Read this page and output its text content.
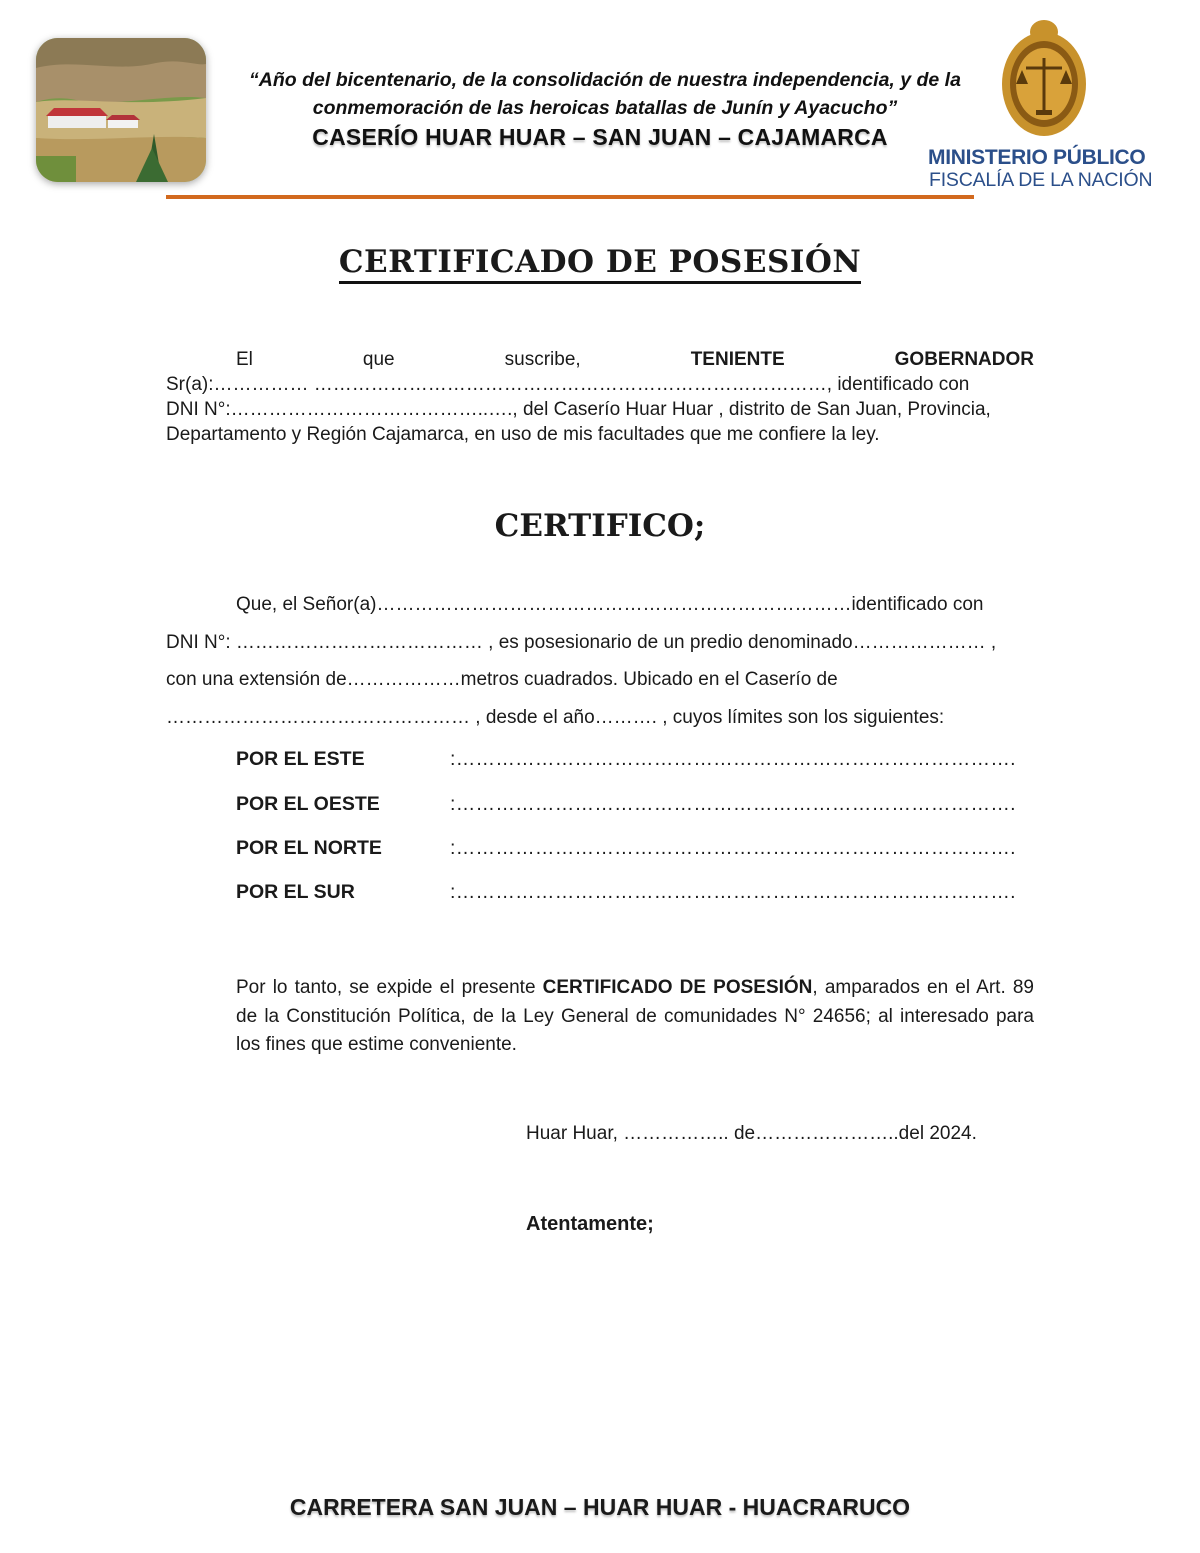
“Año del bicentenario, de la consolidación de nuestra independencia, y de la
conmemoración de las heroicas batallas de Junín y Ayacucho”
CASERÍO HUAR HUAR – SAN JUAN – CAJAMARCA
MINISTERIO PÚBLICO
FISCALÍA DE LA NACIÓN
CERTIFICADO DE POSESIÓN
El	que	suscribe,	TENIENTE	GOBERNADOR
Sr(a):…………… ………………………………………………………………………, identificado con
DNI N°:…………………………………..…., del Caserío Huar Huar , distrito de San Juan, Provincia,
Departamento y Región Cajamarca, en uso de mis facultades que me confiere la ley.
CERTIFICO;
Que, el Señor(a)…………………………………………………………………identificado con
DNI N°: ………………………………… , es posesionario de un predio denominado………………… ,
con una extensión de………………metros cuadrados. Ubicado en el Caserío de
………………………………………… , desde el año………. , cuyos límites son los siguientes:
POR EL ESTE	:………………………………………………………………………….
POR EL OESTE	:………………………………………………………………………….
POR EL NORTE	:………………………………………………………………………….
POR EL SUR	:………………………………………………………………………….
Por lo tanto, se expide el presente CERTIFICADO DE POSESIÓN, amparados en el Art. 89 de la Constitución Política, de la Ley General de comunidades N° 24656; al interesado para los fines que estime conveniente.
Huar Huar, …………….. de…………………..del 2024.
Atentamente;
CARRETERA SAN JUAN – HUAR HUAR - HUACRARUCO
